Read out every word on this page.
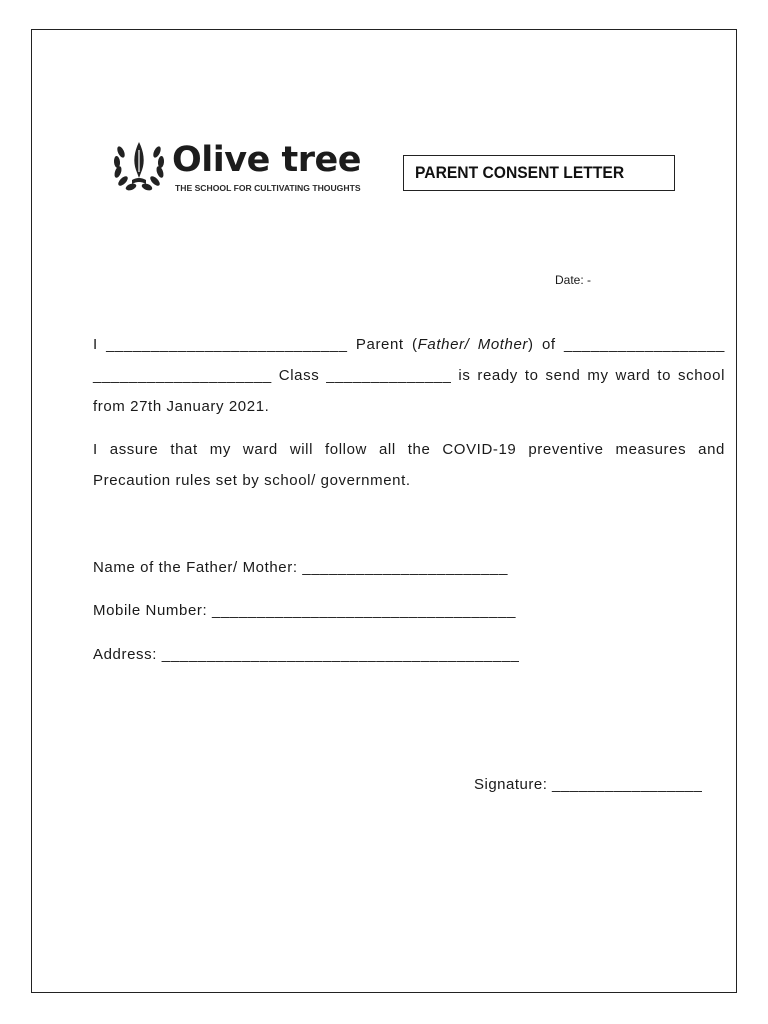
Olive tree
THE SCHOOL FOR CULTIVATING THOUGHTS
PARENT CONSENT LETTER
Date: -
I ___________________________ Parent (Father/ Mother) of __________________
____________________ Class ______________ is ready to send my ward to school
from 27th January 2021.
I assure that my ward will follow all the COVID-19 preventive measures and
Precaution rules set by school/ government.
Name of the Father/ Mother: _______________________
Mobile Number: __________________________________
Address: ________________________________________
Signature: _________________
